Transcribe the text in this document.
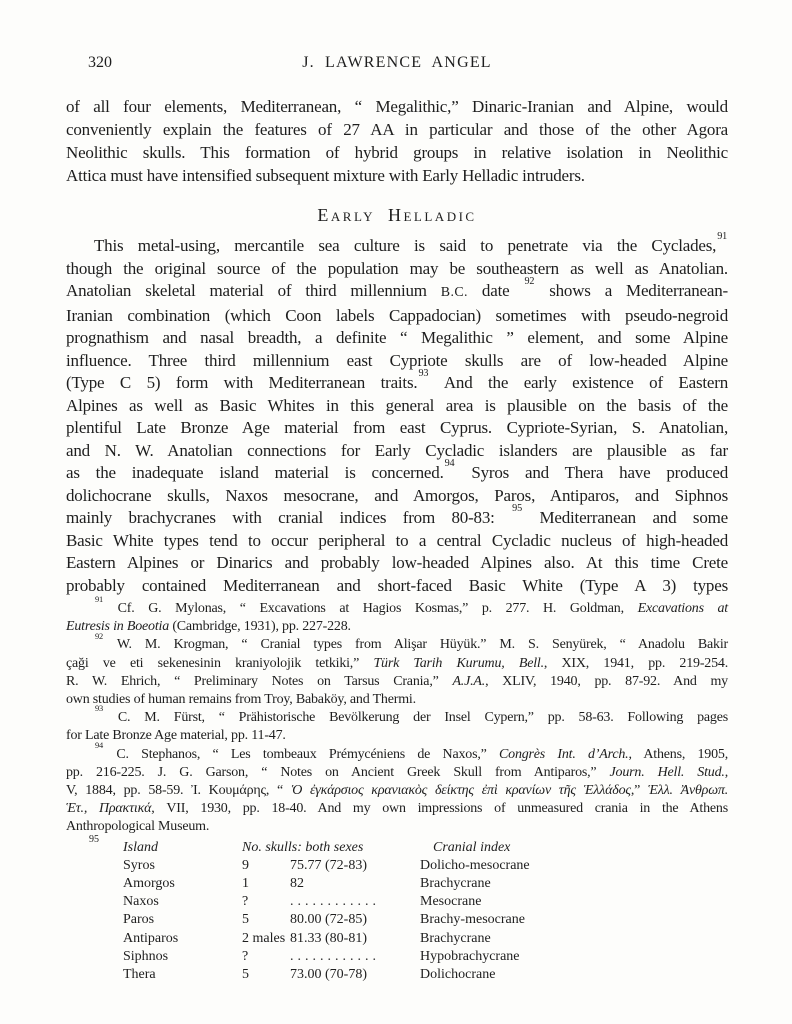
320	J. LAWRENCE ANGEL
of all four elements, Mediterranean, “ Megalithic,” Dinaric-Iranian and Alpine, would
conveniently explain the features of 27 AA in particular and those of the other Agora
Neolithic skulls. This formation of hybrid groups in relative isolation in Neolithic
Attica must have intensified subsequent mixture with Early Helladic intruders.
Early Helladic
This metal-using, mercantile sea culture is said to penetrate via the Cyclades,$^{91}$
though the original source of the population may be southeastern as well as Anatolian.
Anatolian skeletal material of third millennium B.C. date $^{92}$ shows a Mediterranean-
Iranian combination (which Coon labels Cappadocian) sometimes with pseudo-negroid
prognathism and nasal breadth, a definite “ Megalithic ” element, and some Alpine
influence. Three third millennium east Cypriote skulls are of low-headed Alpine
(Type C 5) form with Mediterranean traits.$^{93}$ And the early existence of Eastern
Alpines as well as Basic Whites in this general area is plausible on the basis of the
plentiful Late Bronze Age material from east Cyprus. Cypriote-Syrian, S. Anatolian,
and N. W. Anatolian connections for Early Cycladic islanders are plausible as far
as the inadequate island material is concerned.$^{94}$ Syros and Thera have produced
dolichocrane skulls, Naxos mesocrane, and Amorgos, Paros, Antiparos, and Siphnos
mainly brachycranes with cranial indices from 80-83: $^{95}$ Mediterranean and some
Basic White types tend to occur peripheral to a central Cycladic nucleus of high-headed
Eastern Alpines or Dinarics and probably low-headed Alpines also. At this time Crete
probably contained Mediterranean and short-faced Basic White (Type A 3) types
$^{91}$ Cf. G. Mylonas, “ Excavations at Hagios Kosmas,” p. 277. H. Goldman, Excavations at
Eutresis in Boeotia (Cambridge, 1931), pp. 227-228.
$^{92}$ W. M. Krogman, “ Cranial types from Alişar Hüyük.” M. S. Senyürek, “ Anadolu Bakir
çaği ve eti sekenesinin kraniyolojik tetkiki,” Türk Tarih Kurumu, Bell., XIX, 1941, pp. 219-254.
R. W. Ehrich, “ Preliminary Notes on Tarsus Crania,” A.J.A., XLIV, 1940, pp. 87-92. And my
own studies of human remains from Troy, Babaköy, and Thermi.
$^{93}$ C. M. Fürst, “ Prähistorische Bevölkerung der Insel Cypern,” pp. 58-63. Following pages
for Late Bronze Age material, pp. 11-47.
$^{94}$ C. Stephanos, “ Les tombeaux Prémycéniens de Naxos,” Congrès Int. d’Arch., Athens, 1905,
pp. 216-225. J. G. Garson, “ Notes on Ancient Greek Skull from Antiparos,” Journ. Hell. Stud.,
V, 1884, pp. 58-59. Ἰ. Κουμάρης, “ Ὁ ἐγκάρσιος κρανιακὸς δείκτης ἐπὶ κρανίων τῆς Ἑλλάδος,” Ἑλλ. Ἀνθρωπ.
Ἑτ., Πρακτικά, VII, 1930, pp. 18-40. And my own impressions of unmeasured crania in the Athens
Anthropological Museum.
$^{95}$
Island	No. skulls: both sexes	Cranial index
Syros	9	75.77 (72-83)	Dolicho-mesocrane
Amorgos	1	82	Brachycrane
Naxos	?	............	Mesocrane
Paros	5	80.00 (72-85)	Brachy-mesocrane
Antiparos	2 males 81.33 (80-81)	Brachycrane
Siphnos	?	............	Hypobrachycrane
Thera	5	73.00 (70-78)	Dolichocrane
